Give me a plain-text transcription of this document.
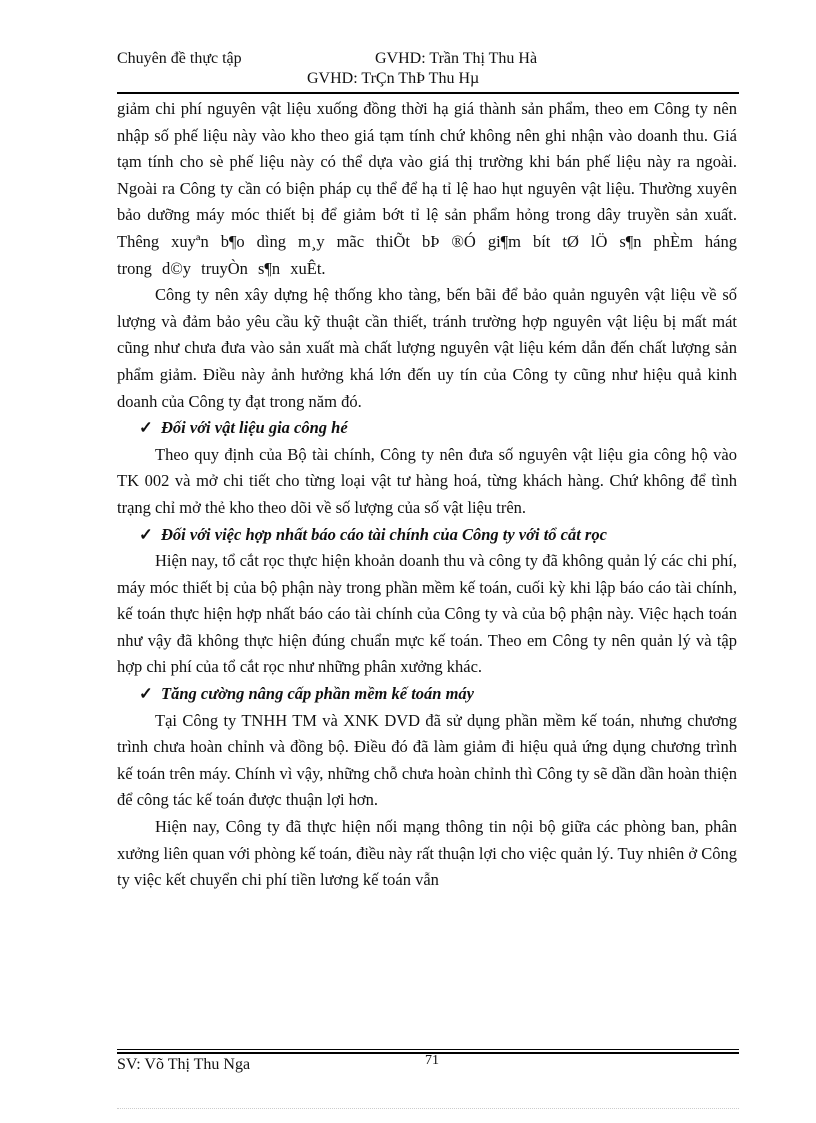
Chuyên đề thực tập	GVHD: Trần Thị Thu Hà
GVHD: TrÇn ThÞ Thu Hµ

giảm chi phí nguyên vật liệu xuống đồng thời hạ giá thành sản phẩm, theo em Công ty nên nhập số phế liệu này vào kho theo giá tạm tính chứ không nên ghi nhận vào doanh thu. Giá tạm tính cho sè phế liệu này có thể dựa vào giá thị trường khi bán phế liệu này ra ngoài. Ngoài ra Công ty cần có biện pháp cụ thể để hạ tỉ lệ hao hụt nguyên vật liệu. Thường xuyên bảo dưỡng máy móc thiết bị để giảm bớt tỉ lệ sản phẩm hỏng trong dây truyền sản xuất. Thêng xuyªn b¶o dìng m¸y mãc thiÕt bÞ ®Ó gi¶m bít tØ lÖ s¶n phÈm háng trong d©y truyÒn s¶n xuÊt.

Công ty nên xây dựng hệ thống kho tàng, bến bãi để bảo quản nguyên vật liệu về số lượng và đảm bảo yêu cầu kỹ thuật cần thiết, tránh trường hợp nguyên vật liệu bị mất mát cũng như chưa đưa vào sản xuất mà chất lượng nguyên vật liệu kém dẫn đến chất lượng sản phẩm giảm. Điều này ảnh hưởng khá lớn đến uy tín của Công ty cũng như hiệu quả kinh doanh của Công ty đạt trong năm đó.

✓ Đối với vật liệu gia công hé

Theo quy định của Bộ tài chính, Công ty nên đưa số nguyên vật liệu gia công hộ vào TK 002 và mở chi tiết cho từng loại vật tư hàng hoá, từng khách hàng. Chứ không để tình trạng chỉ mở thẻ kho theo dõi về số lượng của số vật liệu trên.

✓ Đối với việc hợp nhất báo cáo tài chính của Công ty với tổ cắt rọc

Hiện nay, tổ cắt rọc thực hiện khoản doanh thu và công ty đã không quản lý các chi phí, máy móc thiết bị của bộ phận này trong phần mềm kế toán, cuối kỳ khi lập báo cáo tài chính, kế toán thực hiện hợp nhất báo cáo tài chính của Công ty và của bộ phận này. Việc hạch toán như vậy đã không thực hiện đúng chuẩn mực kế toán. Theo em Công ty nên quản lý và tập hợp chi phí của tổ cắt rọc như những phân xưởng khác.

✓ Tăng cường nâng cấp phần mềm kế toán máy

Tại Công ty TNHH TM và XNK DVD đã sử dụng phần mềm kế toán, nhưng chương trình chưa hoàn chỉnh và đồng bộ. Điều đó đã làm giảm đi hiệu quả ứng dụng chương trình kế toán trên máy. Chính vì vậy, những chỗ chưa hoàn chỉnh thì Công ty sẽ dần dần hoàn thiện để công tác kế toán được thuận lợi hơn.

Hiện nay, Công ty đã thực hiện nối mạng thông tin nội bộ giữa các phòng ban, phân xưởng liên quan với phòng kế toán, điều này rất thuận lợi cho việc quản lý. Tuy nhiên ở Công ty việc kết chuyển chi phí tiền lương kế toán vẫn

SV: Võ Thị Thu Nga	71
